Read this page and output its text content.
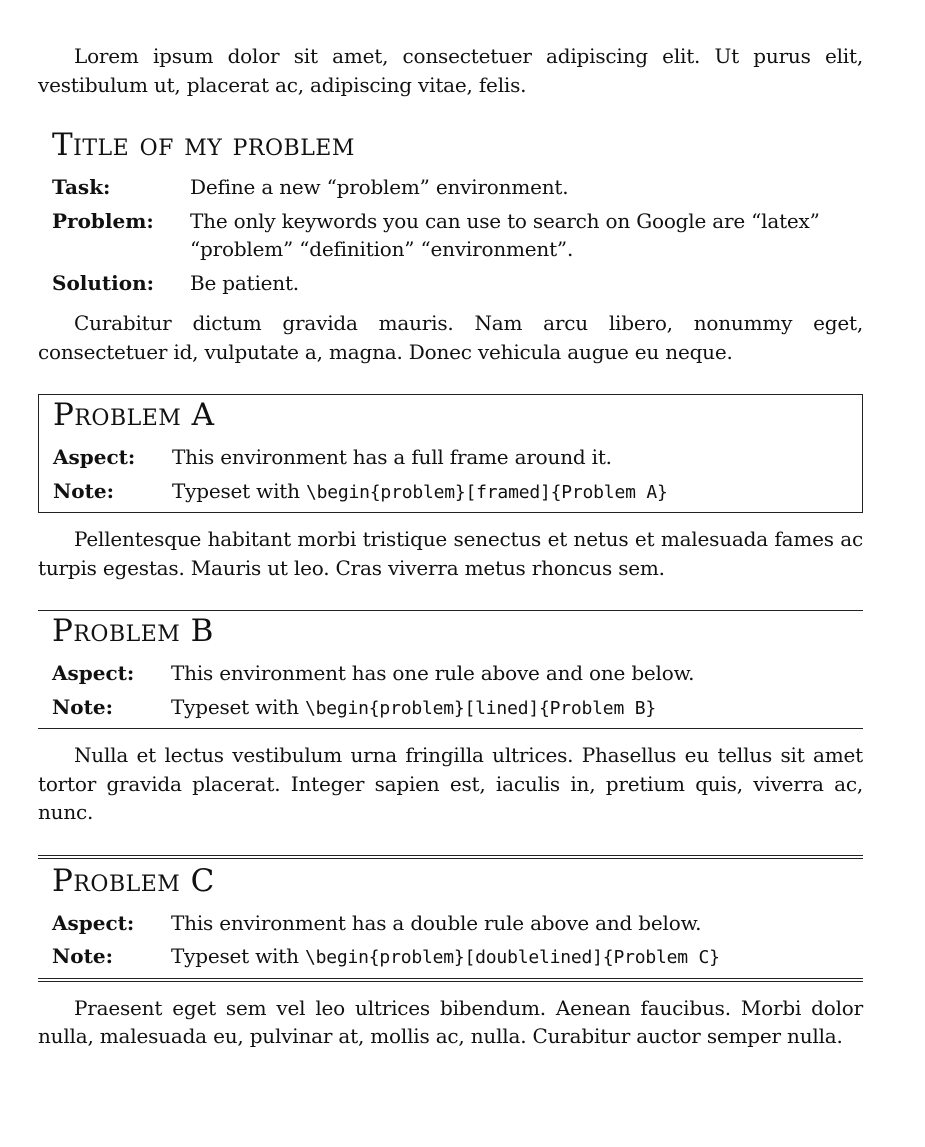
Lorem ipsum dolor sit amet, consectetuer adipiscing elit. Ut purus elit, vestibulum ut, placerat ac, adipiscing vitae, felis.

Title of my problem
Task:	Define a new “problem” environment.
Problem:	The only keywords you can use to search on Google are “latex” “problem” “definition” “environment”.
Solution:	Be patient.

Curabitur dictum gravida mauris. Nam arcu libero, nonummy eget, consectetuer id, vulputate a, magna. Donec vehicula augue eu neque.

Problem A
Aspect:	This environment has a full frame around it.
Note:	Typeset with \begin{problem}[framed]{Problem A}

Pellentesque habitant morbi tristique senectus et netus et malesuada fames ac turpis egestas. Mauris ut leo. Cras viverra metus rhoncus sem.

Problem B
Aspect:	This environment has one rule above and one below.
Note:	Typeset with \begin{problem}[lined]{Problem B}

Nulla et lectus vestibulum urna fringilla ultrices. Phasellus eu tellus sit amet tortor gravida placerat. Integer sapien est, iaculis in, pretium quis, viverra ac, nunc.

Problem C
Aspect:	This environment has a double rule above and below.
Note:	Typeset with \begin{problem}[doublelined]{Problem C}

Praesent eget sem vel leo ultrices bibendum. Aenean faucibus. Morbi dolor nulla, malesuada eu, pulvinar at, mollis ac, nulla. Curabitur auctor semper nulla.
